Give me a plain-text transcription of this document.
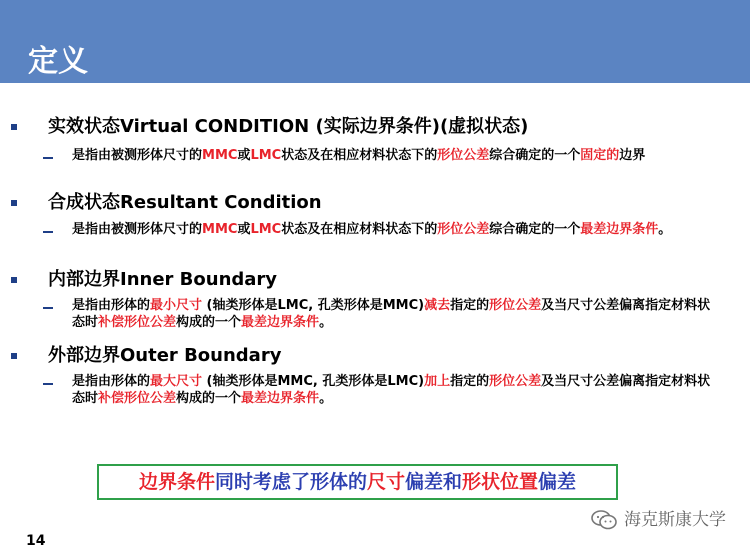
定义
实效状态Virtual CONDITION (实际边界条件)(虚拟状态)
是指由被测形体尺寸的MMC或LMC状态及在相应材料状态下的形位公差综合确定的一个固定的边界
合成状态Resultant Condition
是指由被测形体尺寸的MMC或LMC状态及在相应材料状态下的形位公差综合确定的一个最差边界条件。
内部边界Inner Boundary
是指由形体的最小尺寸 (轴类形体是LMC, 孔类形体是MMC)减去指定的形位公差及当尺寸公差偏离指定材料状态时补偿形位公差构成的一个最差边界条件。
外部边界Outer Boundary
是指由形体的最大尺寸 (轴类形体是MMC, 孔类形体是LMC)加上指定的形位公差及当尺寸公差偏离指定材料状态时补偿形位公差构成的一个最差边界条件。
边界条件同时考虑了形体的尺寸偏差和形状位置偏差
14
海克斯康大学
